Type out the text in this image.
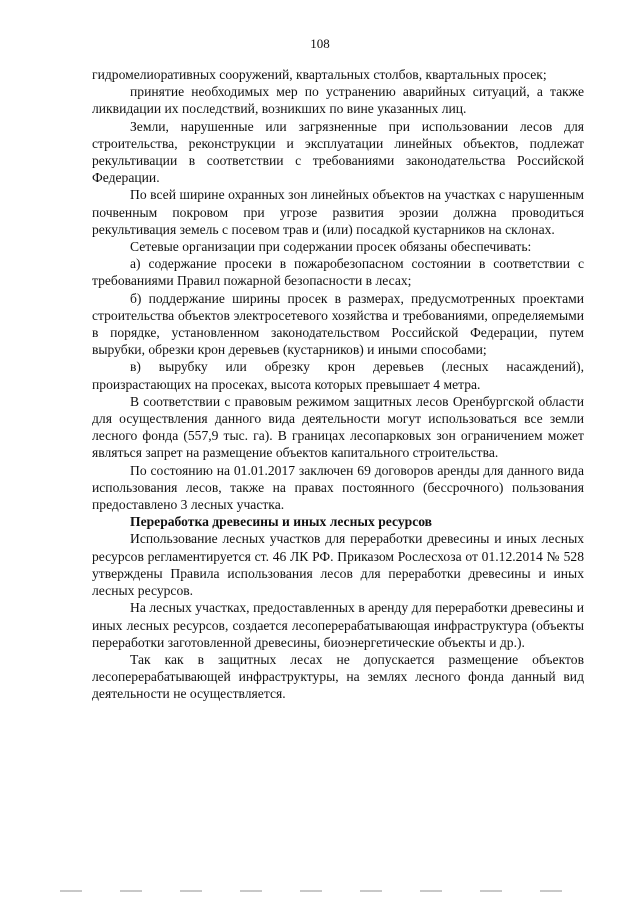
108

гидромелиоративных сооружений, квартальных столбов, квартальных просек;

принятие необходимых мер по устранению аварийных ситуаций, а также ликвидации их последствий, возникших по вине указанных лиц.

Земли, нарушенные или загрязненные при использовании лесов для строительства, реконструкции и эксплуатации линейных объектов, подлежат рекультивации в соответствии с требованиями законодательства Российской Федерации.

По всей ширине охранных зон линейных объектов на участках с нарушенным почвенным покровом при угрозе развития эрозии должна проводиться рекультивация земель с посевом трав и (или) посадкой кустарников на склонах.

Сетевые организации при содержании просек обязаны обеспечивать:

а) содержание просеки в пожаробезопасном состоянии в соответствии с требованиями Правил пожарной безопасности в лесах;

б) поддержание ширины просек в размерах, предусмотренных проектами строительства объектов электросетевого хозяйства и требованиями, определяемыми в порядке, установленном законодательством Российской Федерации, путем вырубки, обрезки крон деревьев (кустарников) и иными способами;

в) вырубку или обрезку крон деревьев (лесных насаждений), произрастающих на просеках, высота которых превышает 4 метра.

В соответствии с правовым режимом защитных лесов Оренбургской области для осуществления данного вида деятельности могут использоваться все земли лесного фонда (557,9 тыс. га). В границах лесопарковых зон ограничением может являться запрет на размещение объектов капитального строительства.

По состоянию на 01.01.2017 заключен 69 договоров аренды для данного вида использования лесов, также на правах постоянного (бессрочного) пользования предоставлено 3 лесных участка.

Переработка древесины и иных лесных ресурсов

Использование лесных участков для переработки древесины и иных лесных ресурсов регламентируется ст. 46 ЛК РФ. Приказом Рослесхоза от 01.12.2014 № 528 утверждены Правила использования лесов для переработки древесины и иных лесных ресурсов.

На лесных участках, предоставленных в аренду для переработки древесины и иных лесных ресурсов, создается лесоперерабатывающая инфраструктура (объекты переработки заготовленной древесины, биоэнергетические объекты и др.).

Так как в защитных лесах не допускается размещение объектов лесоперерабатывающей инфраструктуры, на землях лесного фонда данный вид деятельности не осуществляется.
